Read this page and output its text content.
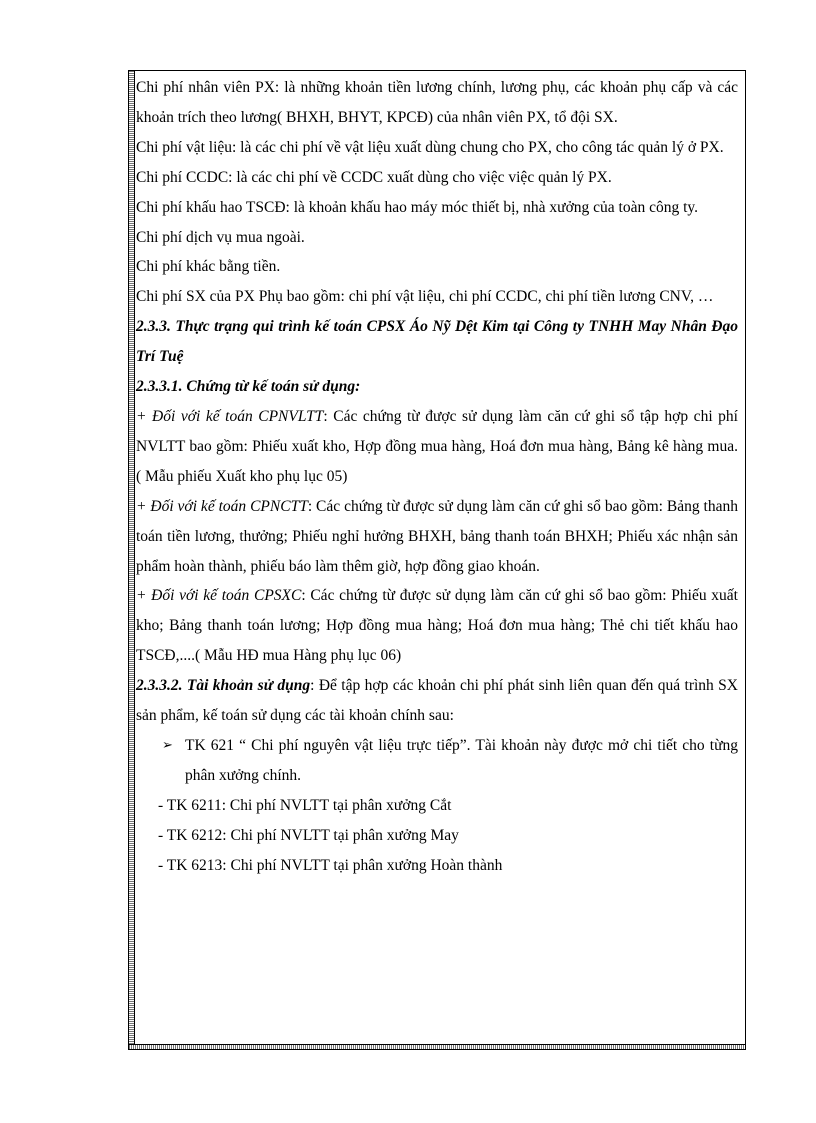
Chi phí nhân viên PX: là những khoản tiền lương chính, lương phụ, các khoản phụ cấp và các khoản trích theo lương( BHXH, BHYT, KPCĐ) của nhân viên PX, tổ đội SX.

Chi phí vật liệu: là các chi phí về vật liệu xuất dùng chung cho PX, cho công tác quản lý ở PX.

Chi phí CCDC: là các chi phí về CCDC xuất dùng cho việc việc quản lý PX.

Chi phí khấu hao TSCĐ: là khoản khấu hao máy móc thiết bị, nhà xưởng của toàn công ty.

Chi phí dịch vụ mua ngoài.

Chi phí khác bằng tiền.

Chi phí SX của PX Phụ bao gồm: chi phí vật liệu, chi phí CCDC, chi phí tiền lương CNV, …

2.3.3. Thực trạng qui trình kế toán CPSX Áo Nỹ Dệt Kim tại Công ty TNHH May Nhân Đạo Trí Tuệ

2.3.3.1. Chứng từ kế toán sử dụng:

+ Đối với kế toán CPNVLTT: Các chứng từ được sử dụng làm căn cứ ghi sổ tập hợp chi phí NVLTT bao gồm: Phiếu xuất kho, Hợp đồng mua hàng, Hoá đơn mua hàng, Bảng kê hàng mua. ( Mẫu phiếu Xuất kho phụ lục 05)

+ Đối với kế toán CPNCTT: Các chứng từ được sử dụng làm căn cứ ghi sổ bao gồm: Bảng thanh toán tiền lương, thưởng; Phiếu nghỉ hưởng BHXH, bảng thanh toán BHXH; Phiếu xác nhận sản phẩm hoàn thành, phiếu báo làm thêm giờ, hợp đồng giao khoán.

+ Đối với kế toán CPSXC: Các chứng từ được sử dụng làm căn cứ ghi sổ bao gồm: Phiếu xuất kho; Bảng thanh toán lương; Hợp đồng mua hàng; Hoá đơn mua hàng; Thẻ chi tiết khấu hao TSCĐ,....( Mẫu HĐ mua Hàng phụ lục 06)

2.3.3.2. Tài khoản sử dụng: Để tập hợp các khoản chi phí phát sinh liên quan đến quá trình SX sản phẩm, kế toán sử dụng các tài khoản chính sau:

➢ TK 621 “ Chi phí nguyên vật liệu trực tiếp”. Tài khoản này được mở chi tiết cho từng phân xưởng chính.

- TK 6211: Chi phí NVLTT tại phân xưởng Cắt

- TK 6212: Chi phí NVLTT tại phân xưởng May

- TK 6213: Chi phí NVLTT tại phân xưởng Hoàn thành
